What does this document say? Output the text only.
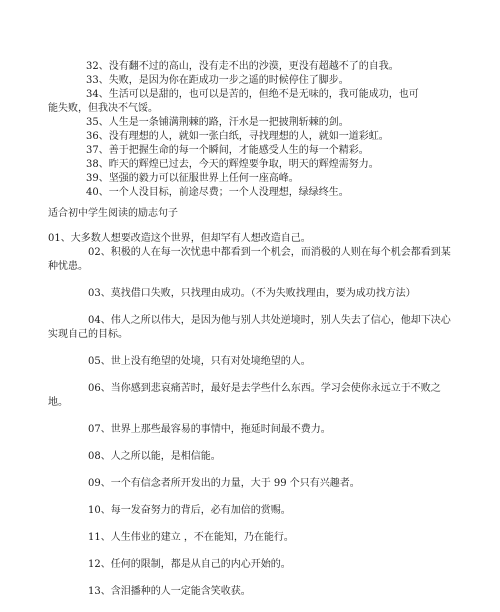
32、没有翻不过的高山，没有走不出的沙漠，更没有超越不了的自我。

33、失败，是因为你在距成功一步之遥的时候停住了脚步。

34、生活可以是甜的，也可以是苦的，但绝不是无味的，我可能成功，也可能失败，但我决不气馁。

35、人生是一条铺满荆棘的路，汗水是一把披荆斩棘的剑。

36、没有理想的人，就如一张白纸，寻找理想的人，就如一道彩虹。

37、善于把握生命的每一个瞬间，才能感受人生的每一个精彩。

38、昨天的辉煌已过去，今天的辉煌要争取，明天的辉煌需努力。

39、坚强的毅力可以征服世界上任何一座高峰。

40、一个人没目标，前途尽费；一个人没理想，绿绿终生。

适合初中学生阅读的励志句子

01、大多数人想要改造这个世界，但却罕有人想改造自己。

02、积极的人在每一次忧患中都看到一个机会，而消极的人则在每个机会都看到某种忧患。

03、莫找借口失败，只找理由成功。（不为失败找理由，要为成功找方法）

04、伟人之所以伟大，是因为他与别人共处逆境时，别人失去了信心，他却下决心实现自己的目标。

05、世上没有绝望的处境，只有对处境绝望的人。

06、当你感到悲哀痛苦时，最好是去学些什么东西。学习会使你永远立于不败之地。

07、世界上那些最容易的事情中，拖延时间最不费力。

08、人之所以能，是相信能。

09、一个有信念者所开发出的力量，大于 99 个只有兴趣者。

10、每一发奋努力的背后，必有加倍的赏赐。

11、人生伟业的建立 ，不在能知，乃在能行。

12、任何的限制，都是从自己的内心开始的。

13、含泪播种的人一定能含笑收获。
